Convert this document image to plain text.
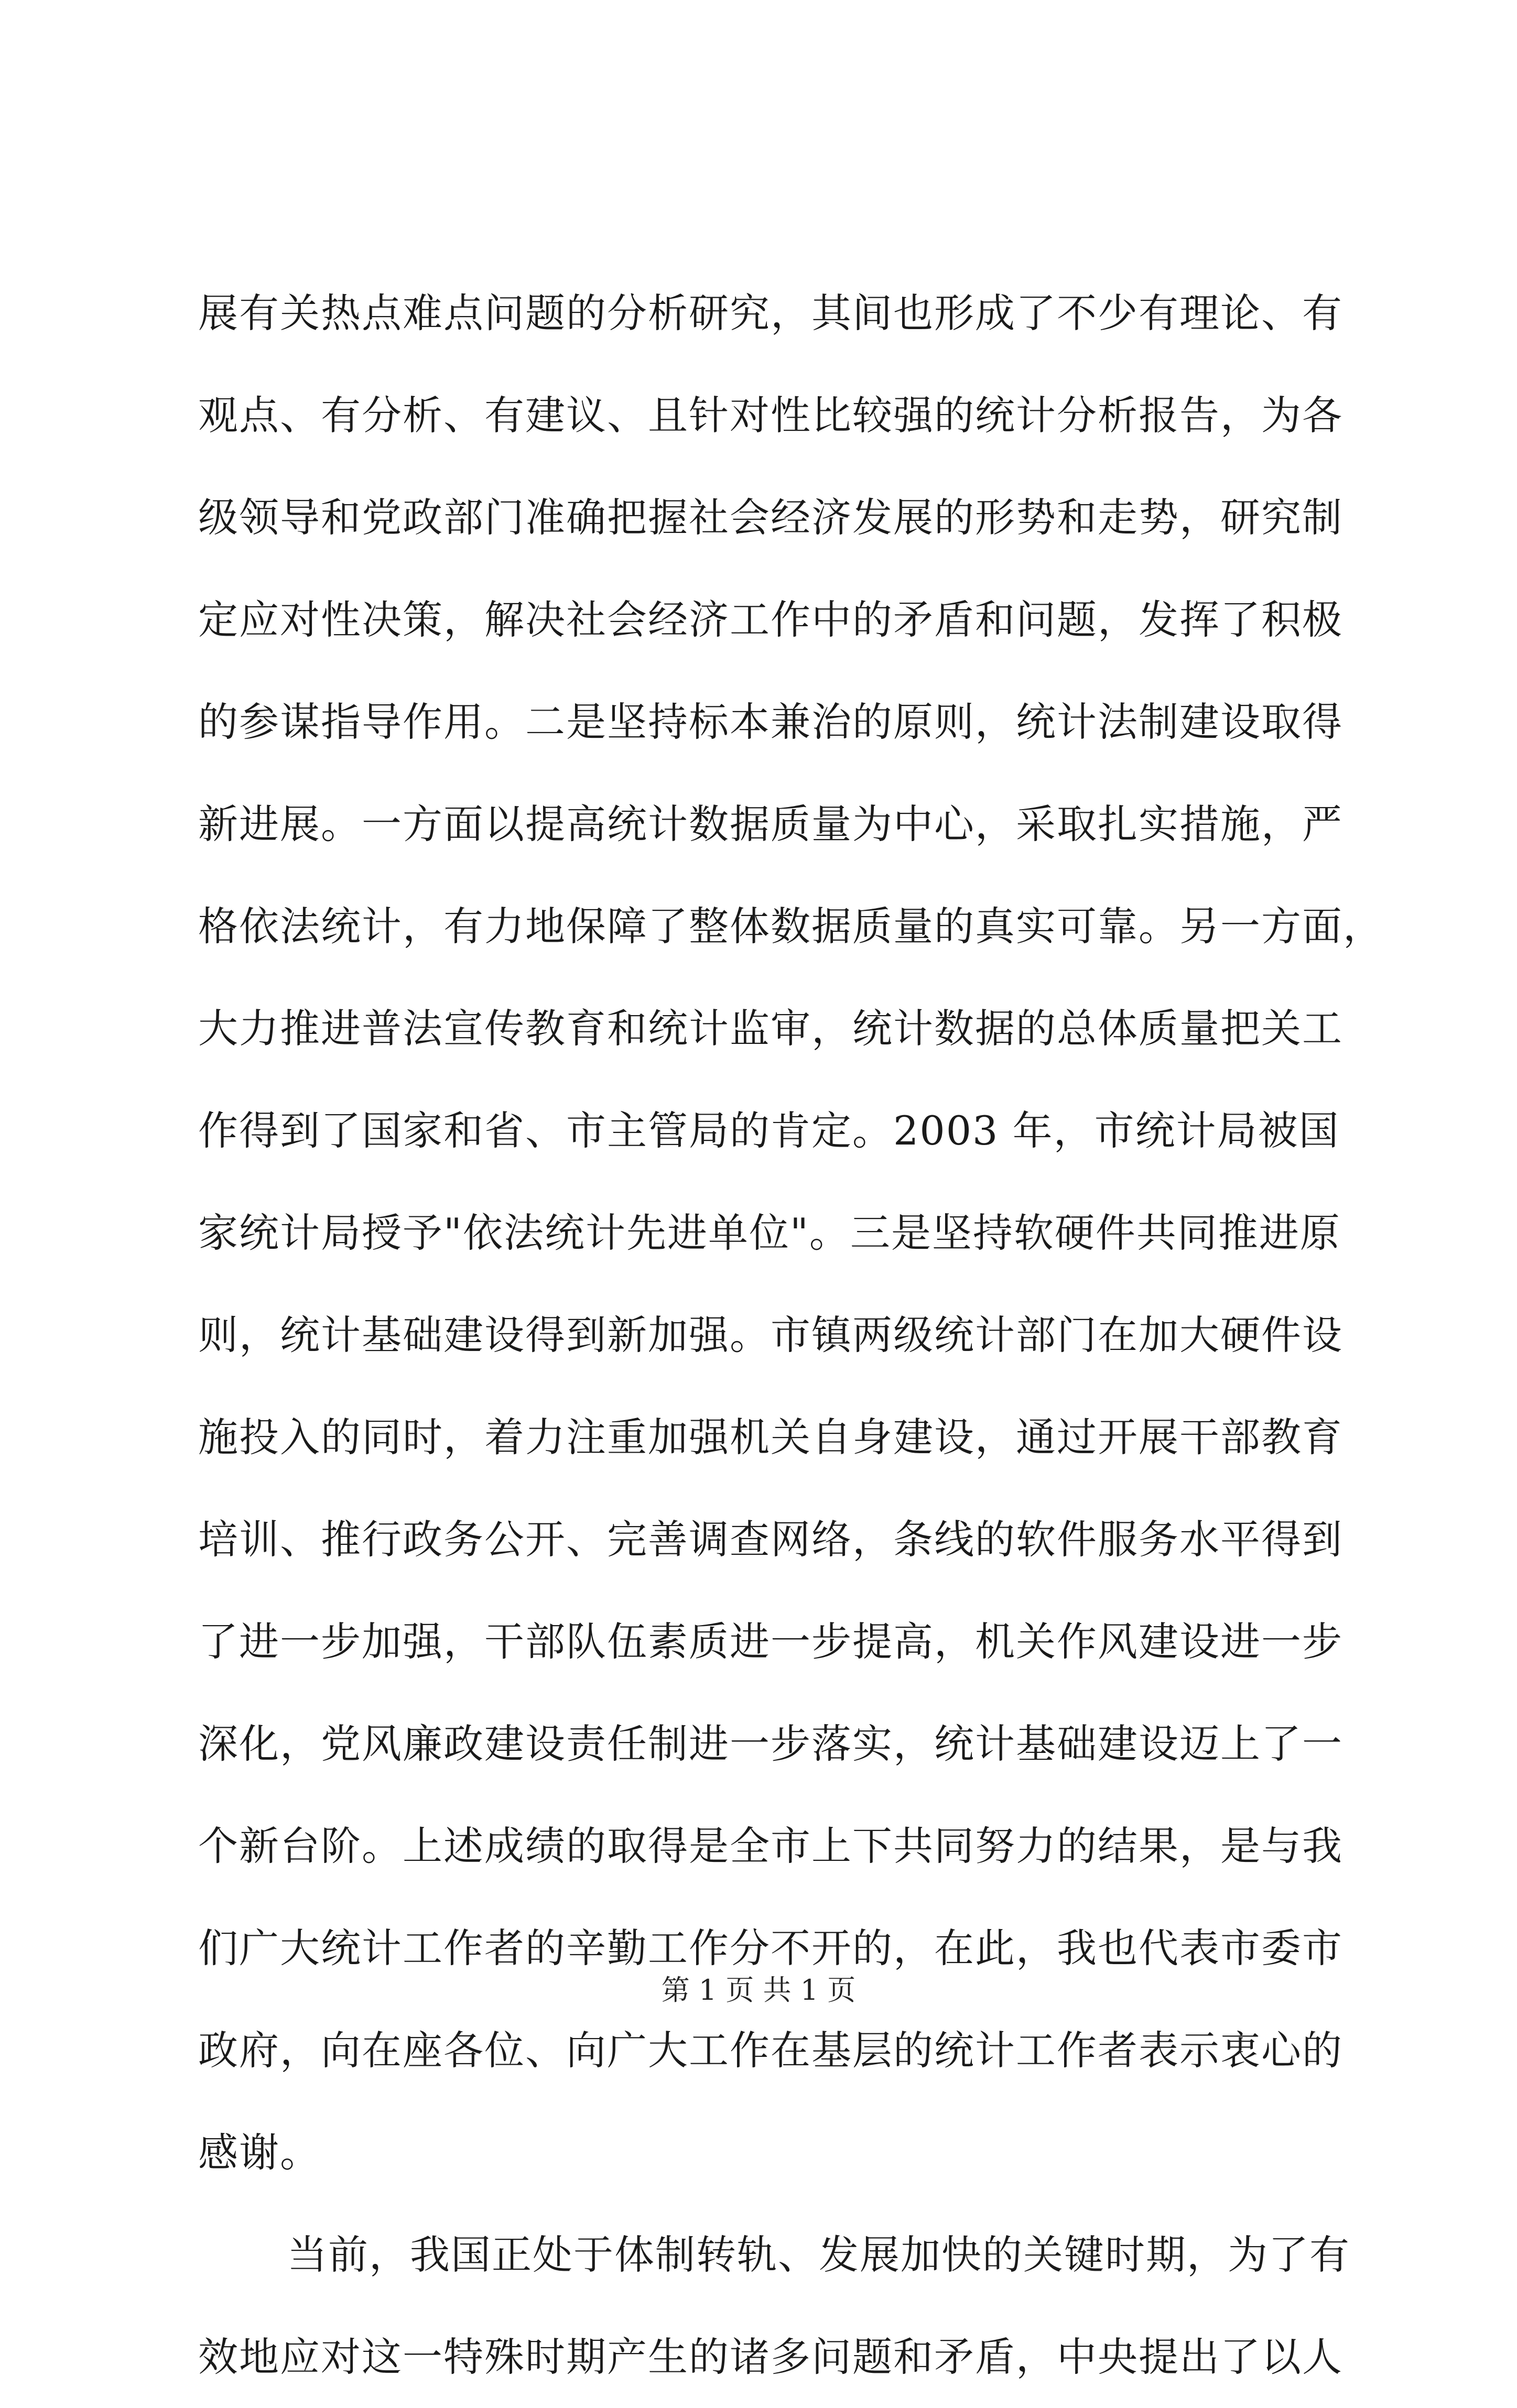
展有关热点难点问题的分析研究，其间也形成了不少有理论、有
观点、有分析、有建议、且针对性比较强的统计分析报告，为各
级领导和党政部门准确把握社会经济发展的形势和走势，研究制
定应对性决策，解决社会经济工作中的矛盾和问题，发挥了积极
的参谋指导作用。二是坚持标本兼治的原则，统计法制建设取得
新进展。一方面以提高统计数据质量为中心，采取扎实措施，严
格依法统计，有力地保障了整体数据质量的真实可靠。另一方面，
大力推进普法宣传教育和统计监审，统计数据的总体质量把关工
作得到了国家和省、市主管局的肯定。2003 年，市统计局被国
家统计局授予"依法统计先进单位"。三是坚持软硬件共同推进原
则，统计基础建设得到新加强。市镇两级统计部门在加大硬件设
施投入的同时，着力注重加强机关自身建设，通过开展干部教育
培训、推行政务公开、完善调查网络，条线的软件服务水平得到
了进一步加强，干部队伍素质进一步提高，机关作风建设进一步
深化，党风廉政建设责任制进一步落实，统计基础建设迈上了一
个新台阶。上述成绩的取得是全市上下共同努力的结果，是与我
们广大统计工作者的辛勤工作分不开的，在此，我也代表市委市
政府，向在座各位、向广大工作在基层的统计工作者表示衷心的
感谢。
当前，我国正处于体制转轨、发展加快的关键时期，为了有
效地应对这一特殊时期产生的诸多问题和矛盾，中央提出了以人
第 1 页 共 1 页
